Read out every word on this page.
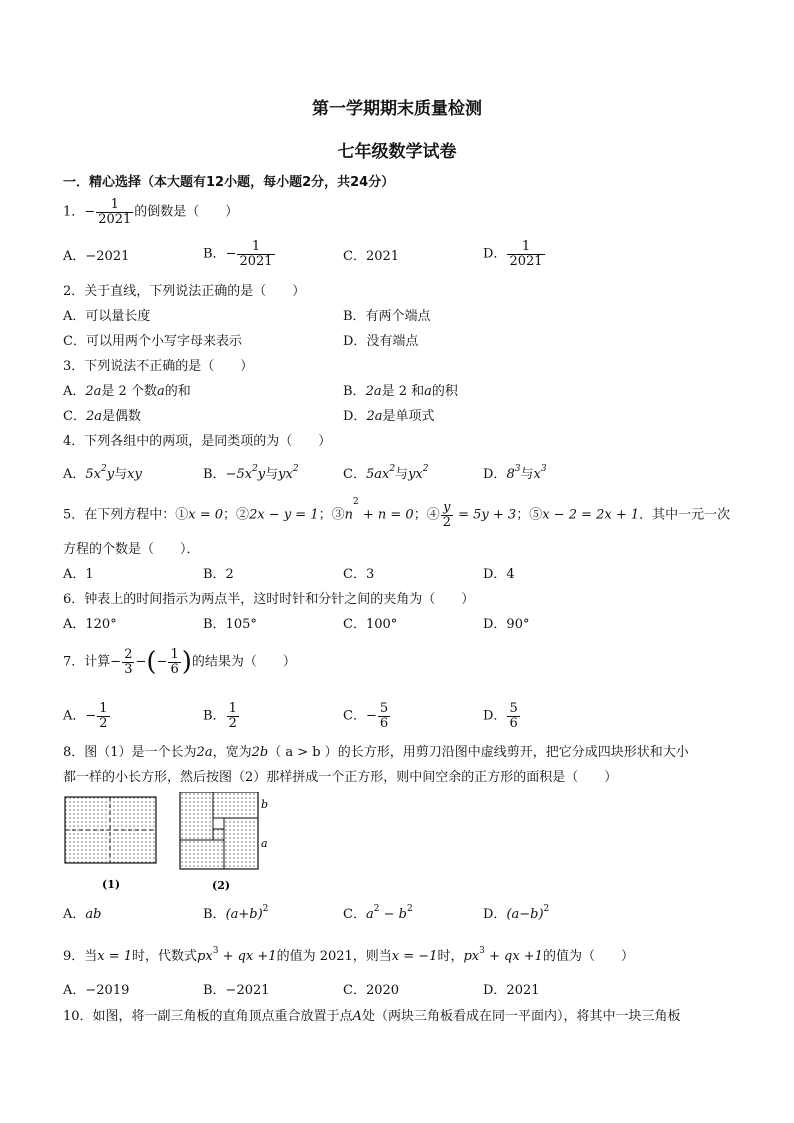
第一学期期末质量检测
七年级数学试卷
一．精心选择（本大题有12小题，每小题2分，共24分）
1．− $\frac{1}{2021}$ 的倒数是（　　）
A．−2021	B．− $\frac{1}{2021}$	C．2021	D． $\frac{1}{2021}$
2．关于直线，下列说法正确的是（　　）
A．可以量长度	B．有两个端点
C．可以用两个小写字母来表示	D．没有端点
3．下列说法不正确的是（　　）
A．2a是 2 个数a的和	B．2a是 2 和a的积
C．2a是偶数	D．2a是单项式
4．下列各组中的两项，是同类项的为（　　）
A．$5x^2y$与xy	B．$-5x^2y$与$yx^2$	C．$5ax^2$与$yx^2$	D．$8^3$与$x^3$
5．在下列方程中：①x = 0；②2x − y = 1；$③n^2 + n = 0$；④ $\frac{y}{2} = 5y + 3$；⑤x − 2 = 2x + 1．其中一元一次
方程的个数是（　　）．
A．1	B．2	C．3	D．4
6．钟表上的时间指示为两点半，这时时针和分针之间的夹角为（　　）
A．120°	B．105°	C．100°	D．90°
7．计算− $\frac{2}{3}$ −(− $\frac{1}{6}$ )的结果为（　　）
A．− $\frac{1}{2}$	B． $\frac{1}{2}$	C．− $\frac{5}{6}$	D． $\frac{5}{6}$
8．图（1）是一个长为2a，宽为2b（ a > b ）的长方形，用剪刀沿图中虚线剪开，把它分成四块形状和大小
都一样的小长方形，然后按图（2）那样拼成一个正方形，则中间空余的正方形的面积是（　　）
b
a
(1)	(2)
A．ab	B．$(a+b)^2$	C．$a^2 - b^2$	D．$(a-b)^2$
9．当x = 1时，代数式$px^3$ + qx +1的值为 2021，则当x = −1时，$px^3$ + qx +1的值为（　　）
A．−2019	B．−2021	C．2020	D．2021
10．如图，将一副三角板的直角顶点重合放置于点A处（两块三角板看成在同一平面内），将其中一块三角板
